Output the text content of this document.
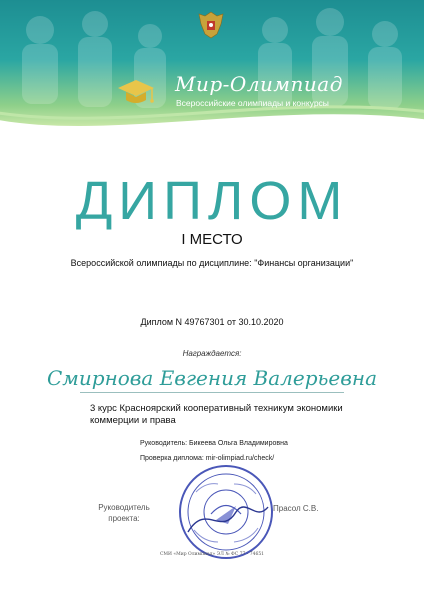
Мир-Олимпиад
Всероссийские олимпиады и конкурсы
ДИПЛОМ
I МЕСТО
Всероссийской олимпиады по дисциплине: "Финансы организации"
Диплом N 49767301 от 30.10.2020
Награждается:
Смирнова Евгения Валерьевна
3 курс Красноярский кооперативный техникум экономики коммерции и права
Руководитель: Бикеева Ольга Владимировна
Проверка диплома: mir-olimpiad.ru/check/
Руководитель проекта:
Прасол С.В.
СМИ «Мир Олимпиад» ЭЛ № ФС 77 - 74651
